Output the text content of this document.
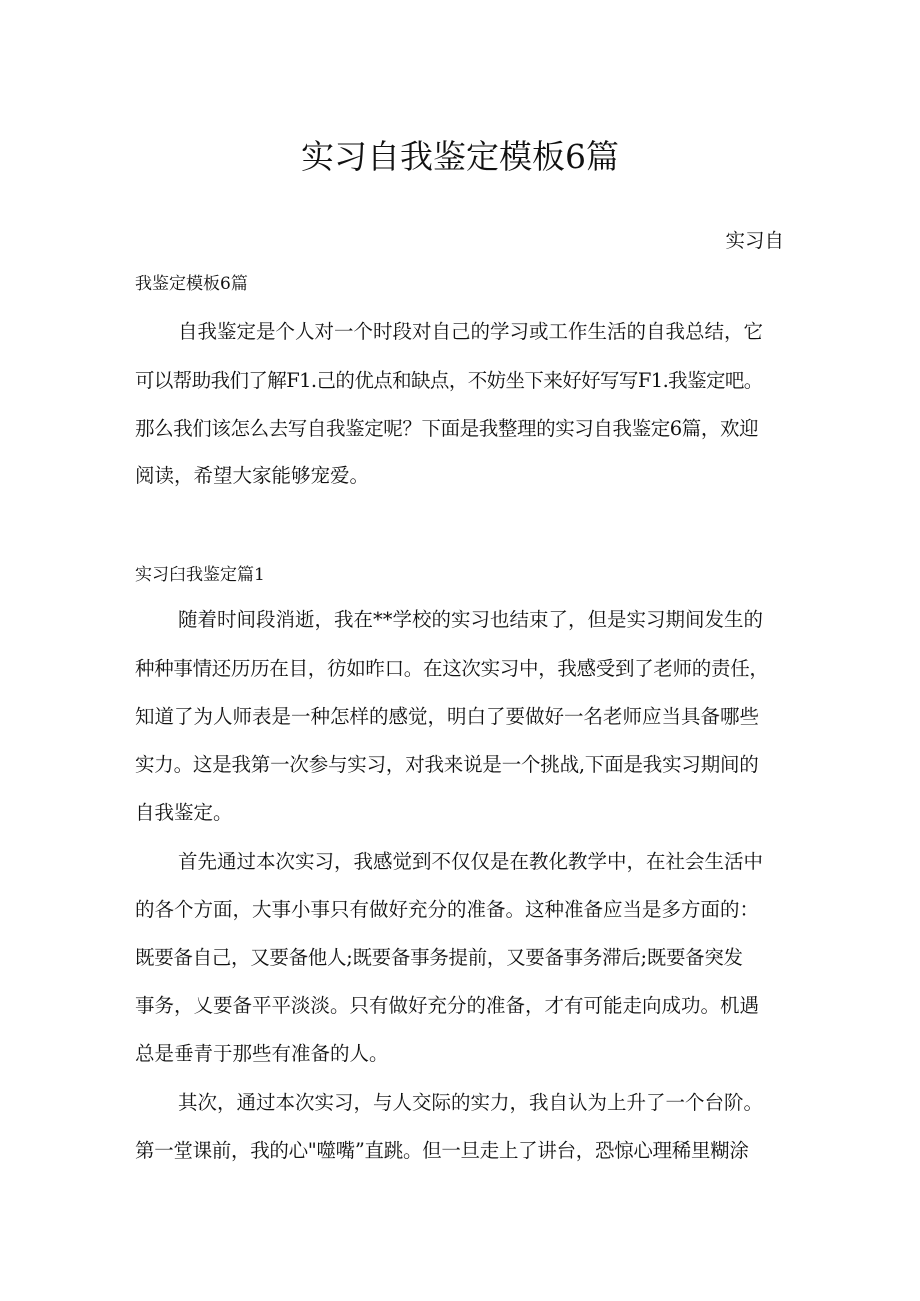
实习自我鉴定模板6篇

实习自

我鉴定模板6篇

自我鉴定是个人对一个时段对自己的学习或工作生活的自我总结，它

可以帮助我们了解F1.己的优点和缺点，不妨坐下来好好写写F1.我鉴定吧。

那么我们该怎么去写自我鉴定呢？下面是我整理的实习自我鉴定6篇，欢迎

阅读，希望大家能够宠爱。

实习臼我鉴定篇1

随着时间段消逝，我在**学校的实习也结束了，但是实习期间发生的

种种事情还历历在目，彷如昨口。在这次实习中，我感受到了老师的责任，

知道了为人师表是一种怎样的感觉，明白了要做好一名老师应当具备哪些

实力。这是我第一次参与实习，对我来说是一个挑战,下面是我实习期间的

自我鉴定。

首先通过本次实习，我感觉到不仅仅是在教化教学中，在社会生活中

的各个方面，大事小事只有做好充分的准备。这种准备应当是多方面的：

既要备自己，又要备他人;既要备事务提前，又要备事务滞后;既要备突发

事务，乂要备平平淡淡。只有做好充分的准备，才有可能走向成功。机遇

总是垂青于那些有准备的人。

其次，通过本次实习，与人交际的实力，我自认为上升了一个台阶。

第一堂课前，我的心"噬嘴”直跳。但一旦走上了讲台，恐惊心理稀里糊涂
